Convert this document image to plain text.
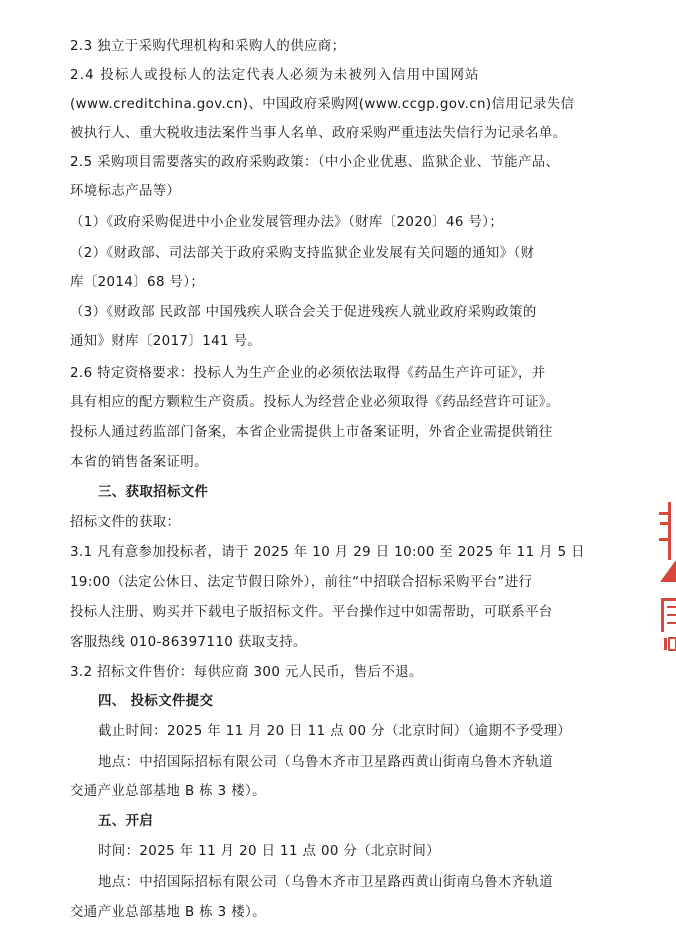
2.3 独立于采购代理机构和采购人的供应商；
2.4 投标人或投标人的法定代表人必须为未被列入信用中国网站
(www.creditchina.gov.cn)、中国政府采购网(www.ccgp.gov.cn)信用记录失信
被执行人、重大税收违法案件当事人名单、政府采购严重违法失信行为记录名单。
2.5 采购项目需要落实的政府采购政策：（中小企业优惠、监狱企业、节能产品、
环境标志产品等）
（1）《政府采购促进中小企业发展管理办法》（财库〔2020〕46 号）；
（2）《财政部、司法部关于政府采购支持监狱企业发展有关问题的通知》（财
库〔2014〕68 号）；
（3）《财政部 民政部 中国残疾人联合会关于促进残疾人就业政府采购政策的
通知》财库〔2017〕141 号。
2.6 特定资格要求：投标人为生产企业的必须依法取得《药品生产许可证》，并
具有相应的配方颗粒生产资质。投标人为经营企业必须取得《药品经营许可证》。
投标人通过药监部门备案，本省企业需提供上市备案证明，外省企业需提供销往
本省的销售备案证明。
三、获取招标文件
招标文件的获取：
3.1 凡有意参加投标者，请于 2025 年 10 月 29 日 10:00 至 2025 年 11 月 5 日
19:00（法定公休日、法定节假日除外），前往“中招联合招标采购平台”进行
投标人注册、购买并下载电子版招标文件。平台操作过中如需帮助，可联系平台
客服热线 010-86397110 获取支持。
3.2 招标文件售价：每供应商 300 元人民币，售后不退。
四、 投标文件提交
截止时间：2025 年 11 月 20 日 11 点 00 分（北京时间）（逾期不予受理）
地点：中招国际招标有限公司（乌鲁木齐市卫星路西黄山街南乌鲁木齐轨道
交通产业总部基地 B 栋 3 楼）。
五、开启
时间：2025 年 11 月 20 日 11 点 00 分（北京时间）
地点：中招国际招标有限公司（乌鲁木齐市卫星路西黄山街南乌鲁木齐轨道
交通产业总部基地 B 栋 3 楼）。
